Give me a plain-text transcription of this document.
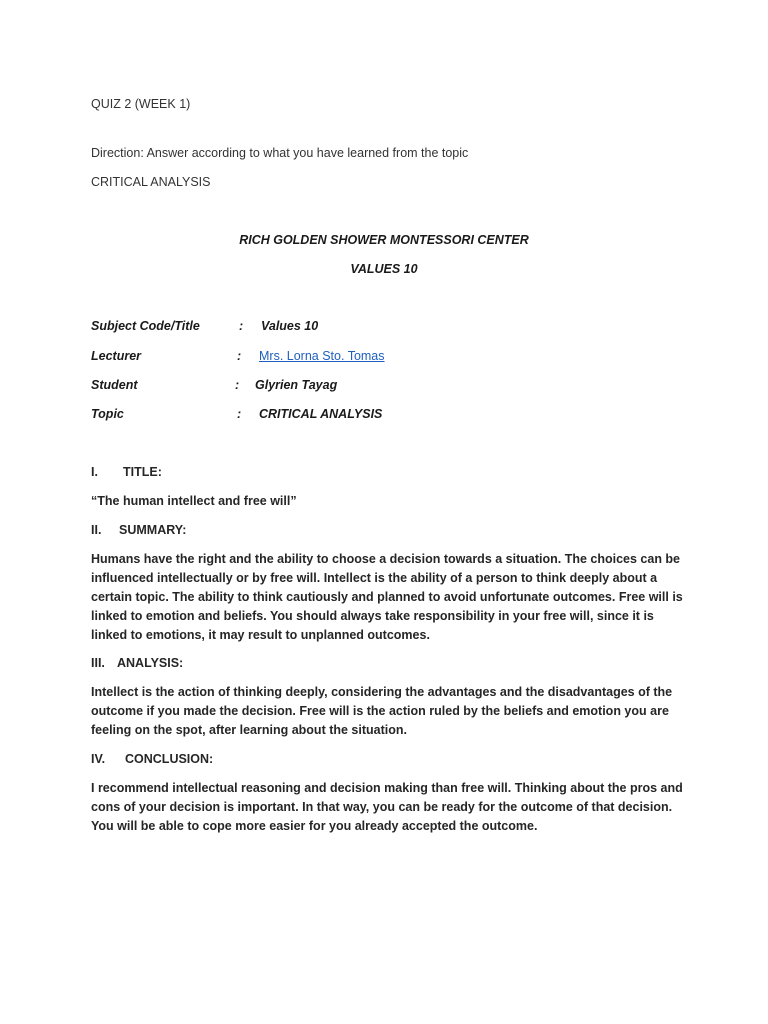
QUIZ 2 (WEEK 1)
Direction: Answer according to what you have learned from the topic
CRITICAL ANALYSIS
RICH GOLDEN SHOWER MONTESSORI CENTER
VALUES 10
Subject Code/Title	: Values 10
Lecturer	: Mrs. Lorna Sto. Tomas
Student	: Glyrien Tayag
Topic	: CRITICAL ANALYSIS
I. TITLE:
“The human intellect and free will”
II. SUMMARY:
Humans have the right and the ability to choose a decision towards a situation. The choices can be influenced intellectually or by free will. Intellect is the ability of a person to think deeply about a certain topic. The ability to think cautiously and planned to avoid unfortunate outcomes. Free will is linked to emotion and beliefs. You should always take responsibility in your free will, since it is linked to emotions, it may result to unplanned outcomes.
III. ANALYSIS:
Intellect is the action of thinking deeply, considering the advantages and the disadvantages of the outcome if you made the decision. Free will is the action ruled by the beliefs and emotion you are feeling on the spot, after learning about the situation.
IV. CONCLUSION:
I recommend intellectual reasoning and decision making than free will. Thinking about the pros and cons of your decision is important. In that way, you can be ready for the outcome of that decision. You will be able to cope more easier for you already accepted the outcome.
